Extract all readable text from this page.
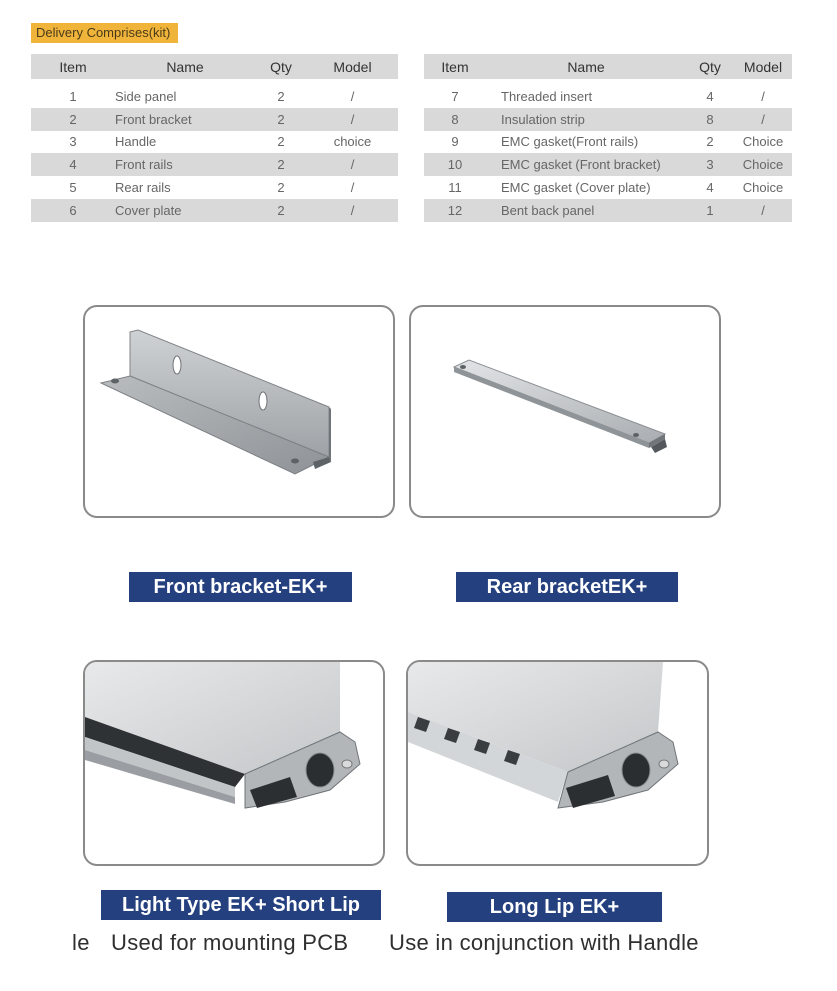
Delivery Comprises(kit)
Item	Name	Qty	Model
1	Side panel	2	/
2	Front bracket	2	/
3	Handle	2	choice
4	Front rails	2	/
5	Rear rails	2	/
6	Cover plate	2	/
Item	Name	Qty	Model
7	Threaded insert	4	/
8	Insulation strip	8	/
9	EMC gasket(Front rails)	2	Choice
10	EMC gasket (Front bracket)	3	Choice
11	EMC gasket (Cover plate)	4	Choice
12	Bent back panel	1	/
Front bracket-EK+	Rear bracketEK+
Light Type EK+ Short Lip	Long Lip EK+
le Used for mounting PCB Use in conjunction with Handle
